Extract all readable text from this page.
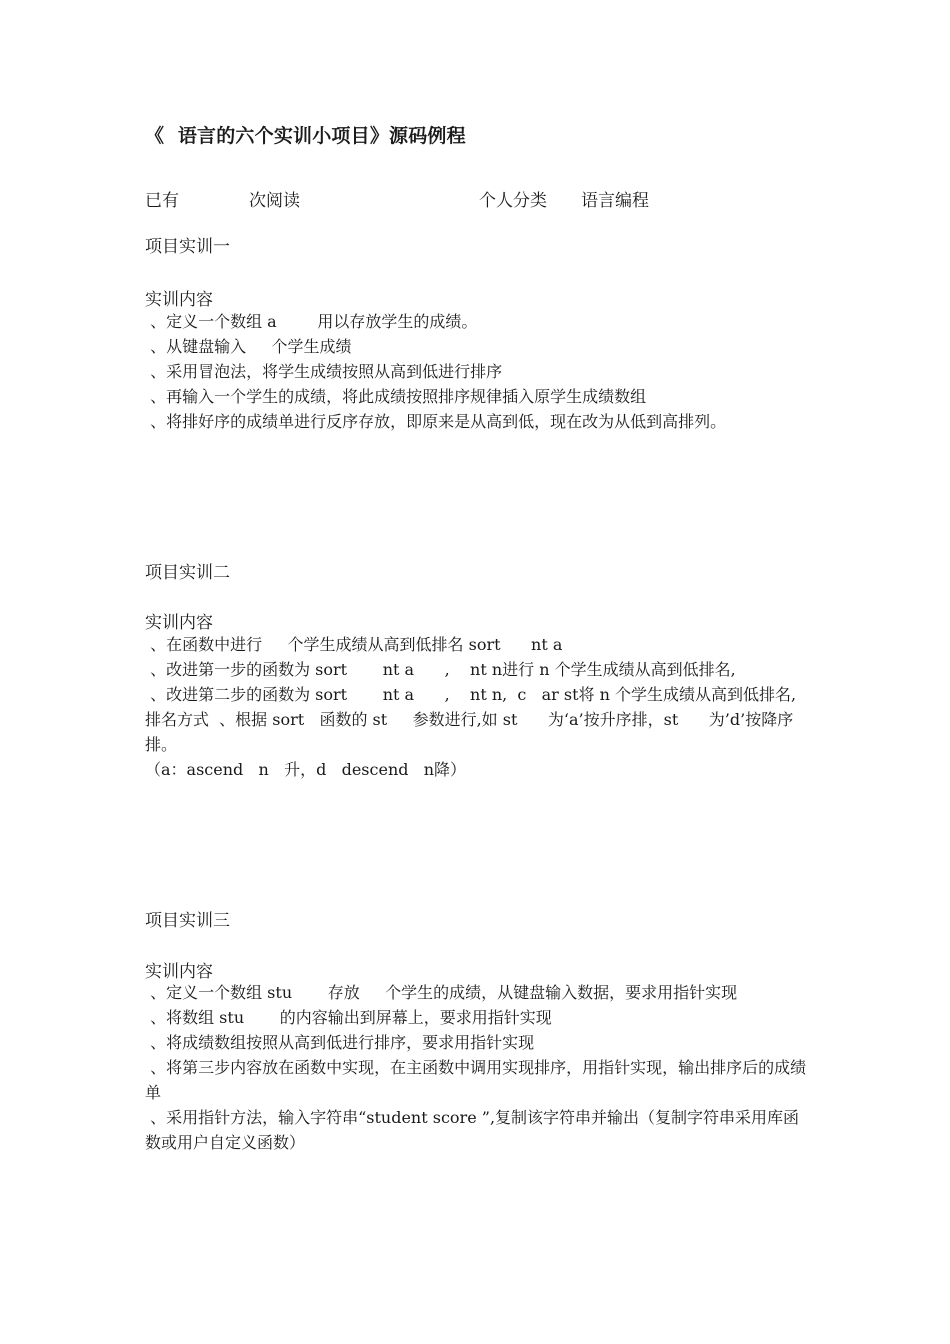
《  语言的六个实训小项目》源码例程
已有	次阅读	个人分类 语言编程
项目实训一
实训内容
、定义一个数组 a        用以存放学生的成绩。
、从键盘输入     个学生成绩
、采用冒泡法，将学生成绩按照从高到低进行排序
、再输入一个学生的成绩，将此成绩按照排序规律插入原学生成绩数组
、将排好序的成绩单进行反序存放，即原来是从高到低，现在改为从低到高排列。
项目实训二
实训内容
、在函数中进行     个学生成绩从高到低排名 sort      nt a
、改进第一步的函数为 sort       nt a      ,    nt n进行 n 个学生成绩从高到低排名,
、改进第二步的函数为 sort       nt a      ,    nt n,  c   ar st将 n 个学生成绩从高到低排名,排名方式  、根据 sort   函数的 st     参数进行,如 st      为‘a’按升序排，st      为’d’按降序排。
（a：ascend   n   升，d   descend   n降）
项目实训三
实训内容
、定义一个数组 stu       存放     个学生的成绩，从键盘输入数据，要求用指针实现
、将数组 stu       的内容输出到屏幕上，要求用指针实现
、将成绩数组按照从高到低进行排序，要求用指针实现
、将第三步内容放在函数中实现，在主函数中调用实现排序，用指针实现，输出排序后的成绩单
、采用指针方法，输入字符串“student score ”,复制该字符串并输出（复制字符串采用库函数或用户自定义函数）
